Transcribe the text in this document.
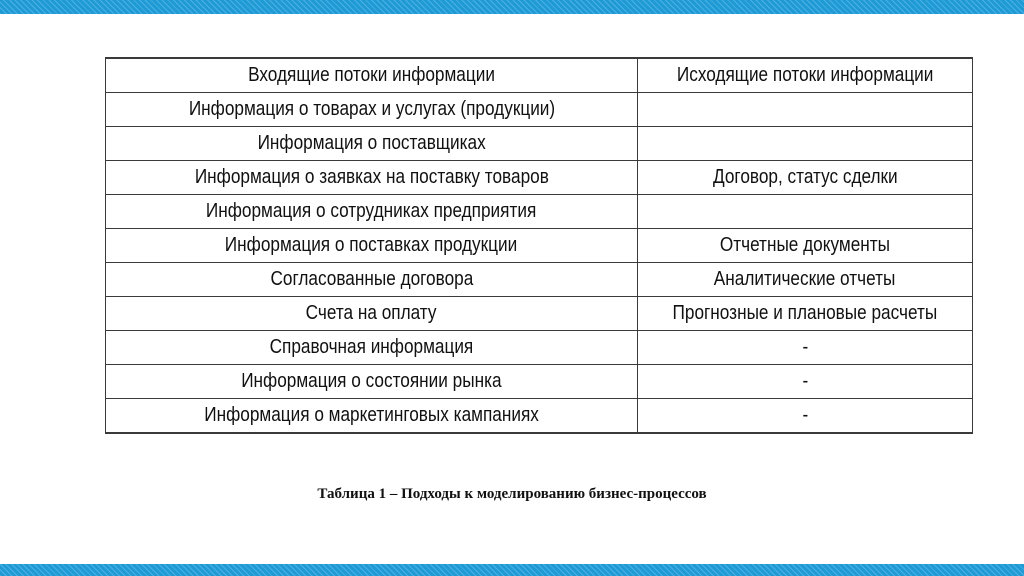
Входящие потоки информации	Исходящие потоки информации
Информация о товарах и услугах (продукции)	
Информация о поставщиках	
Информация о заявках на поставку товаров	Договор, статус сделки
Информация о сотрудниках предприятия	
Информация о поставках продукции	Отчетные документы
Согласованные договора	Аналитические отчеты
Счета на оплату	Прогнозные и плановые расчеты
Справочная информация	-
Информация о состоянии рынка	-
Информация о маркетинговых кампаниях	-
Таблица 1 – Подходы к моделированию бизнес-процессов
